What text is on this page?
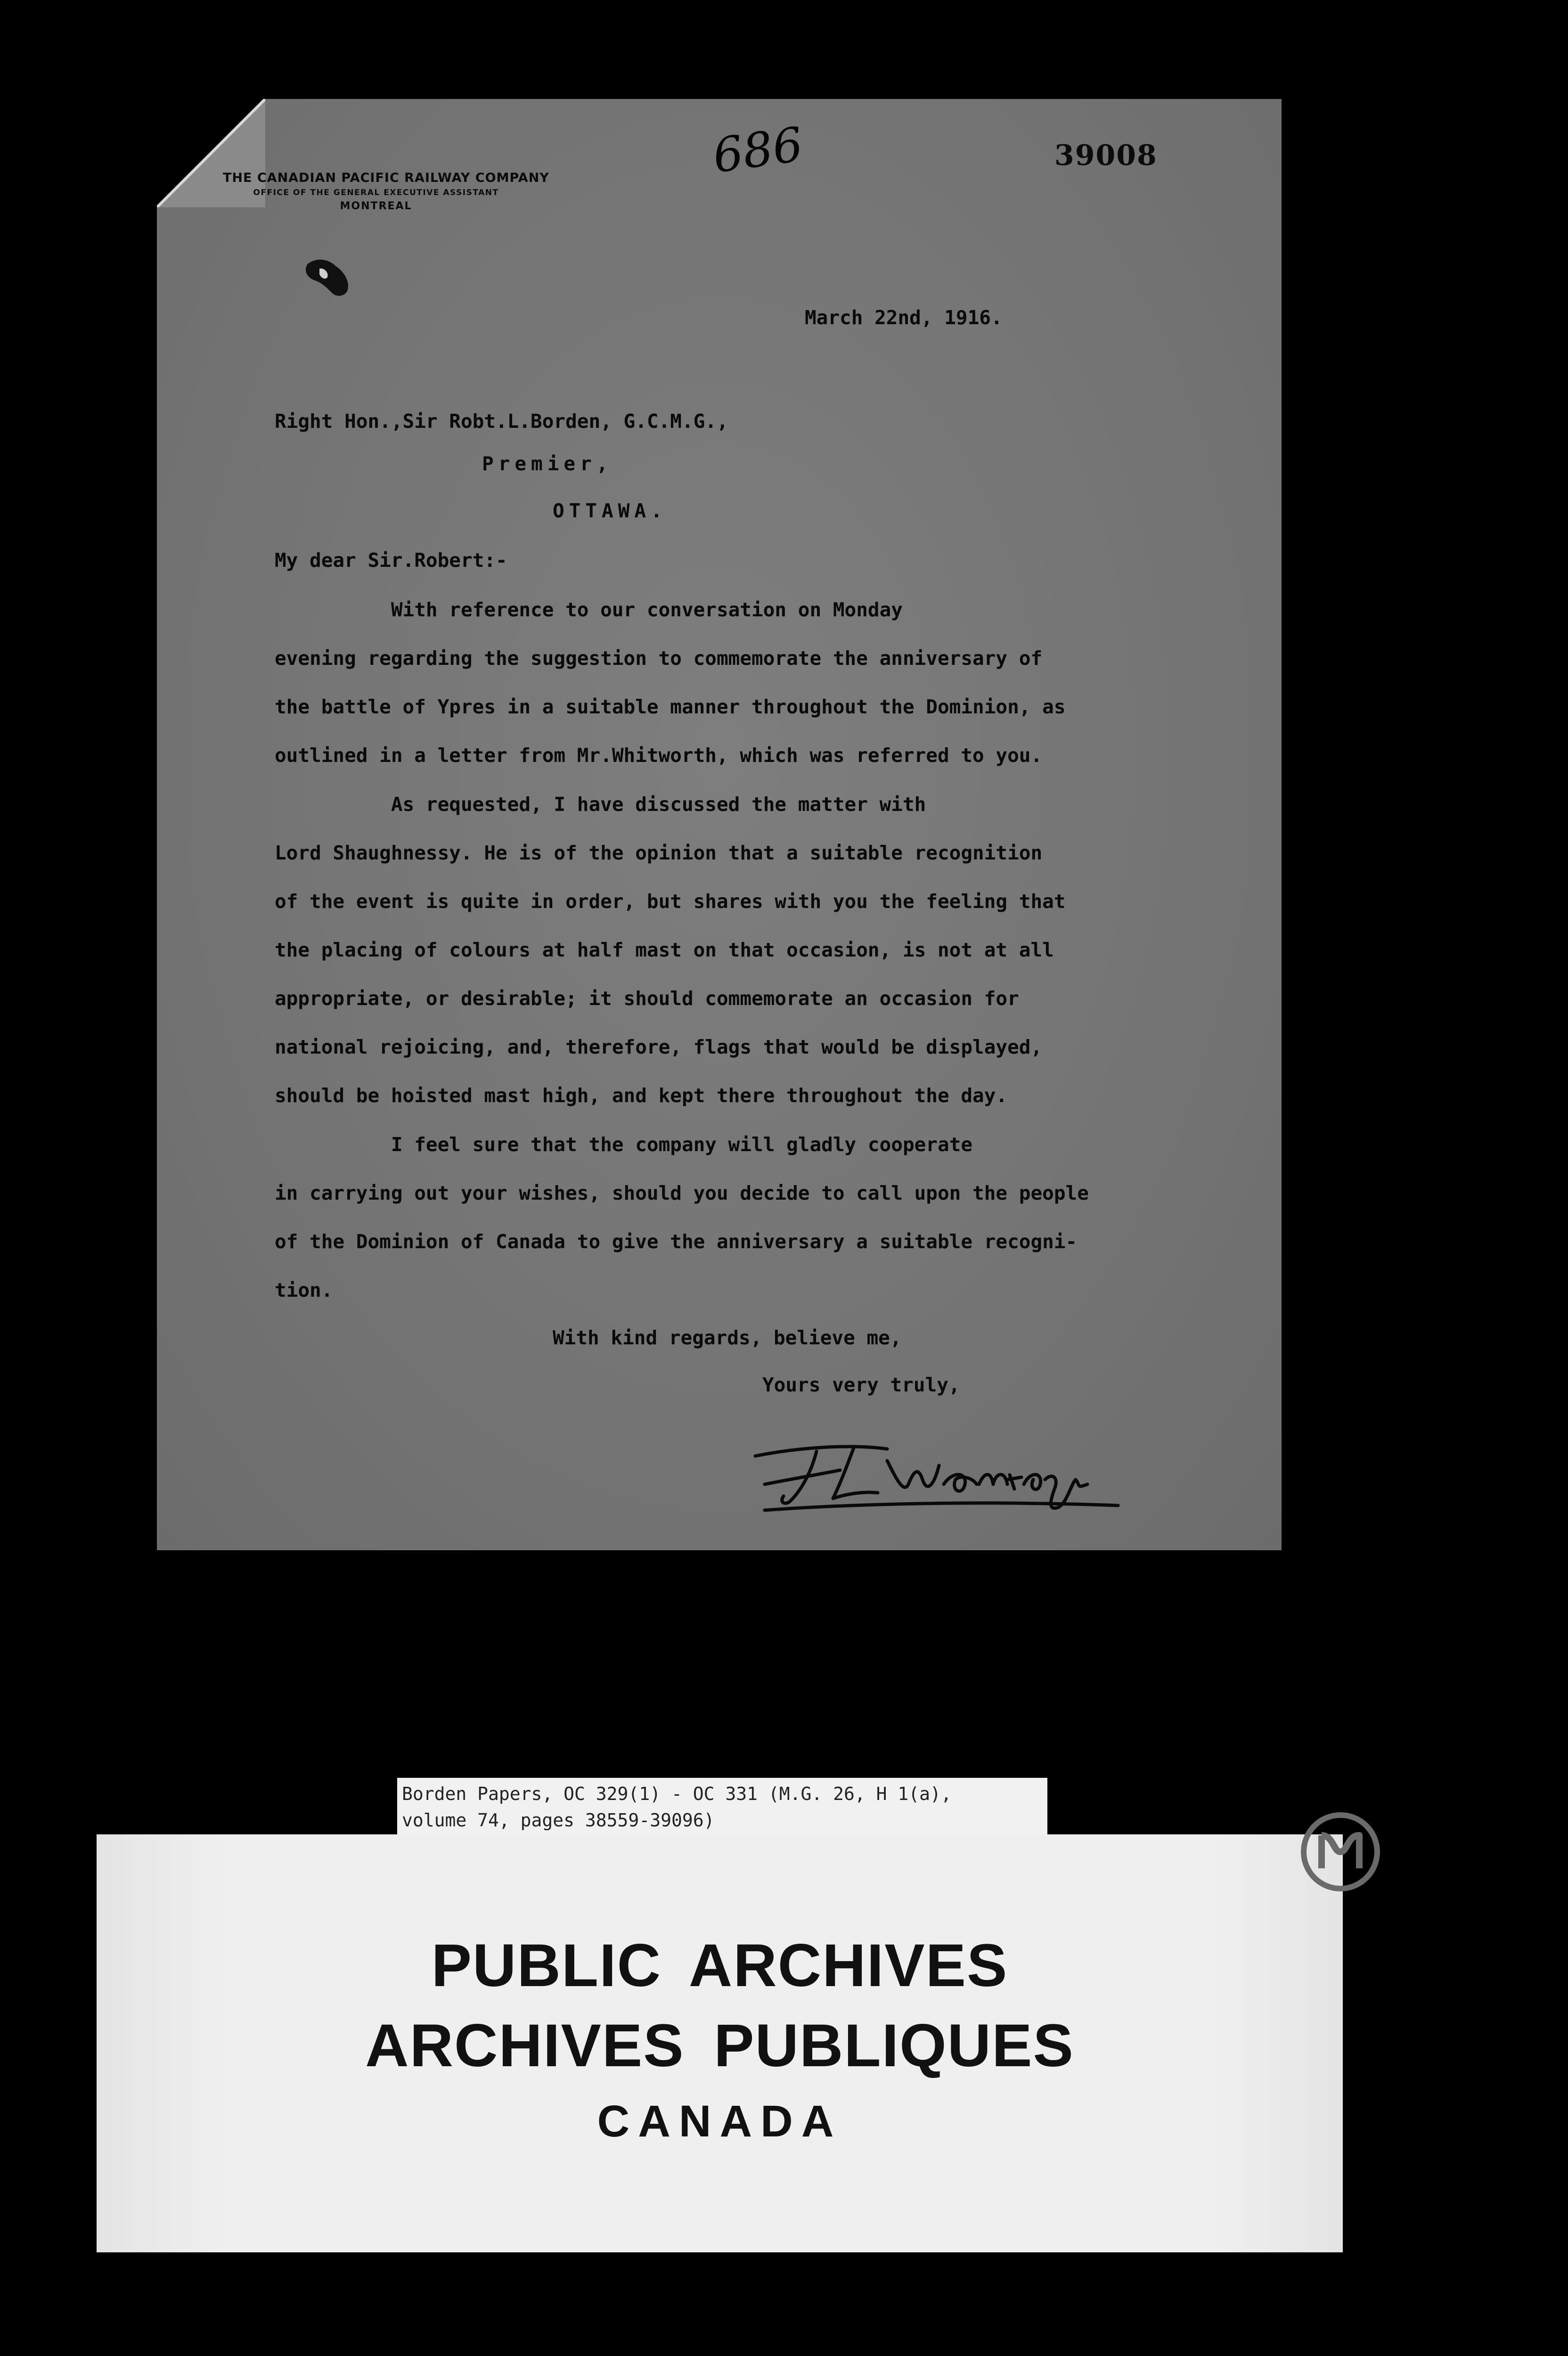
THE CANADIAN PACIFIC RAILWAY COMPANY
OFFICE OF THE GENERAL EXECUTIVE ASSISTANT
MONTREAL
686	39008
March 22nd, 1916.
Right Hon.,Sir Robt.L.Borden, G.C.M.G.,
Premier,
OTTAWA.
My dear Sir.Robert:-
With reference to our conversation on Monday
evening regarding the suggestion to commemorate the anniversary of
the battle of Ypres in a suitable manner throughout the Dominion, as
outlined in a letter from Mr.Whitworth, which was referred to you.
As requested, I have discussed the matter with
Lord Shaughnessy. He is of the opinion that a suitable recognition
of the event is quite in order, but shares with you the feeling that
the placing of colours at half mast on that occasion, is not at all
appropriate, or desirable; it should commemorate an occasion for
national rejoicing, and, therefore, flags that would be displayed,
should be hoisted mast high, and kept there throughout the day.
I feel sure that the company will gladly cooperate
in carrying out your wishes, should you decide to call upon the people
of the Dominion of Canada to give the anniversary a suitable recogni-
tion.
With kind regards, believe me,
Yours very truly,
Borden Papers, OC 329(1) - OC 331 (M.G. 26, H 1(a),
volume 74, pages 38559-39096)
PUBLIC ARCHIVES
ARCHIVES PUBLIQUES
CANADA
